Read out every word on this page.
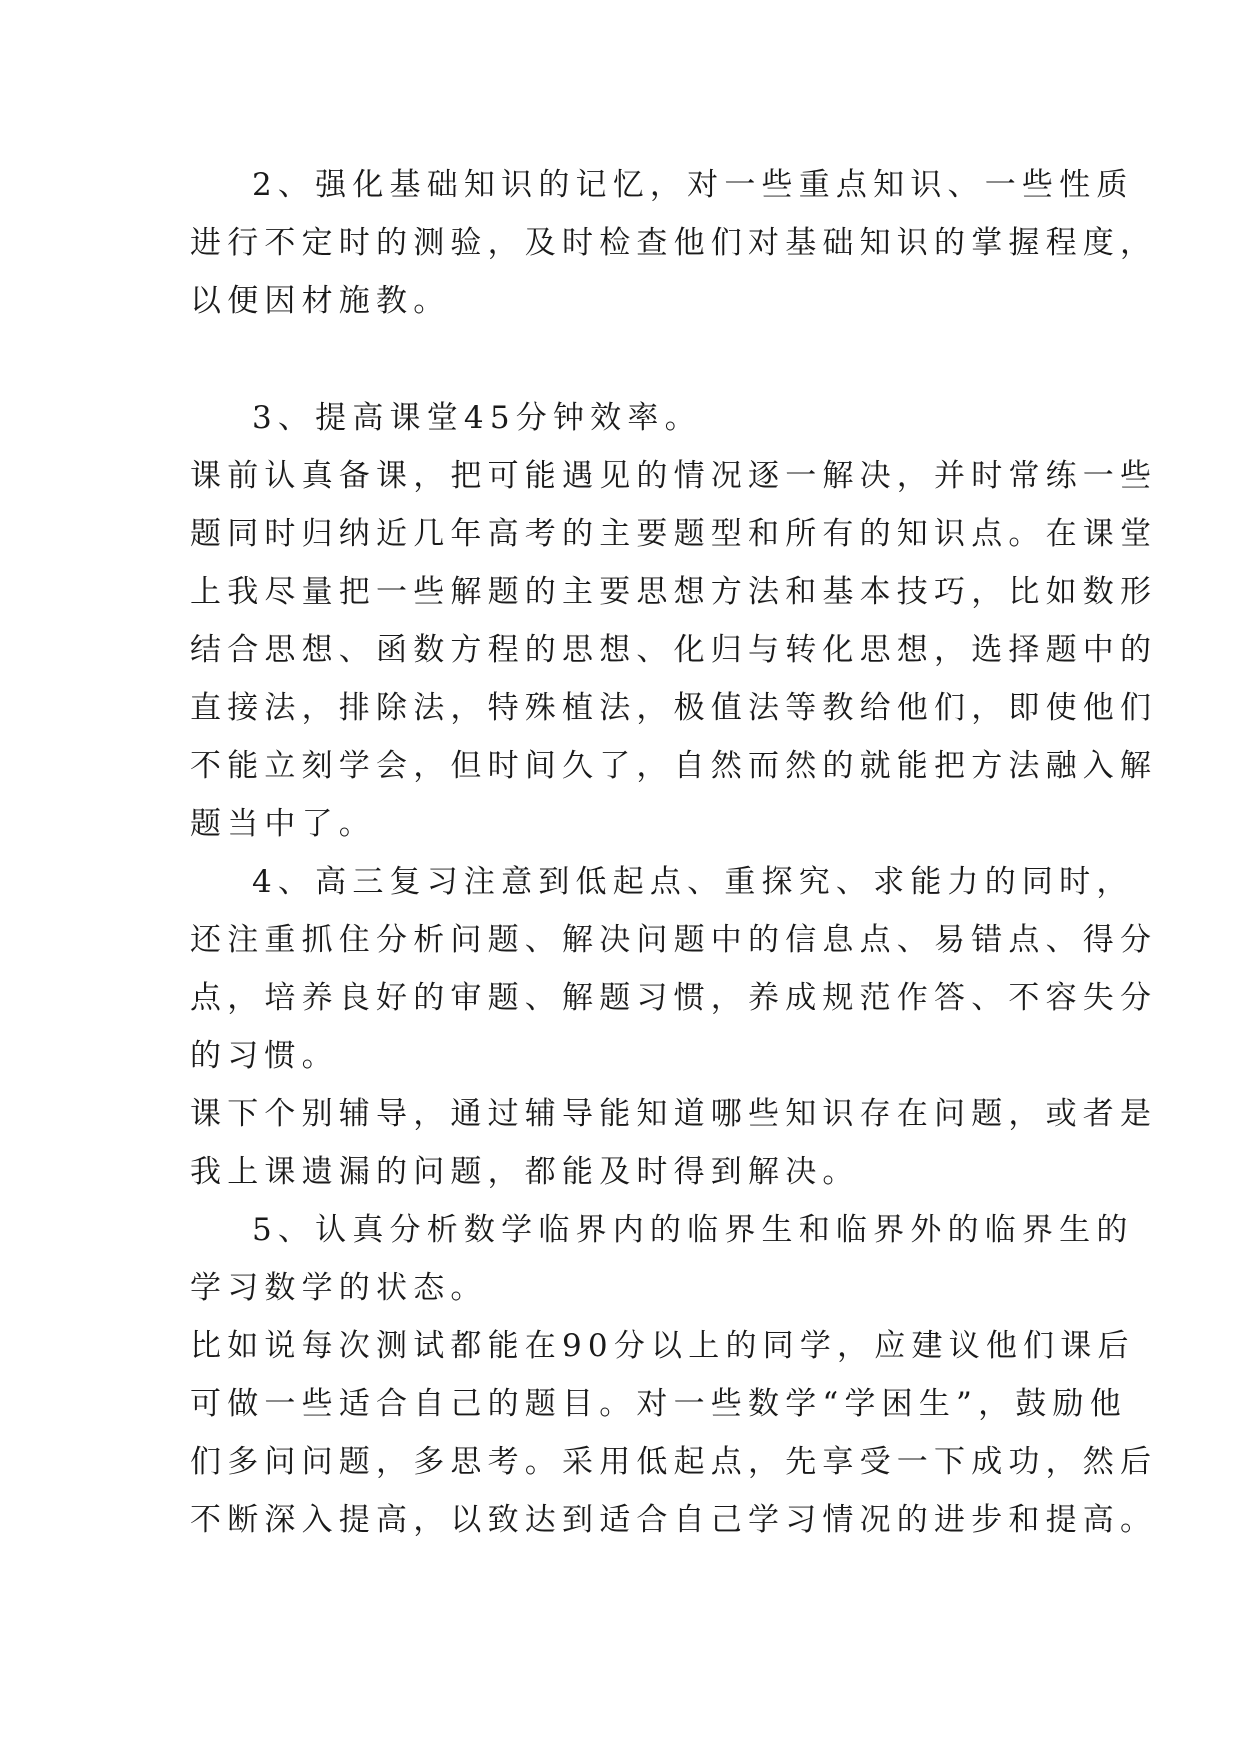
2、强化基础知识的记忆，对一些重点知识、一些性质
进行不定时的测验，及时检查他们对基础知识的掌握程度，
以便因材施教。
3、提高课堂45分钟效率。
课前认真备课，把可能遇见的情况逐一解决，并时常练一些
题同时归纳近几年高考的主要题型和所有的知识点。在课堂
上我尽量把一些解题的主要思想方法和基本技巧，比如数形
结合思想、函数方程的思想、化归与转化思想，选择题中的
直接法，排除法，特殊植法，极值法等教给他们，即使他们
不能立刻学会，但时间久了，自然而然的就能把方法融入解
题当中了。
4、高三复习注意到低起点、重探究、求能力的同时，
还注重抓住分析问题、解决问题中的信息点、易错点、得分
点，培养良好的审题、解题习惯，养成规范作答、不容失分
的习惯。
课下个别辅导，通过辅导能知道哪些知识存在问题，或者是
我上课遗漏的问题，都能及时得到解决。
5、认真分析数学临界内的临界生和临界外的临界生的
学习数学的状态。
比如说每次测试都能在90分以上的同学，应建议他们课后
可做一些适合自己的题目。对一些数学“学困生”，鼓励他
们多问问题，多思考。采用低起点，先享受一下成功，然后
不断深入提高，以致达到适合自己学习情况的进步和提高。
